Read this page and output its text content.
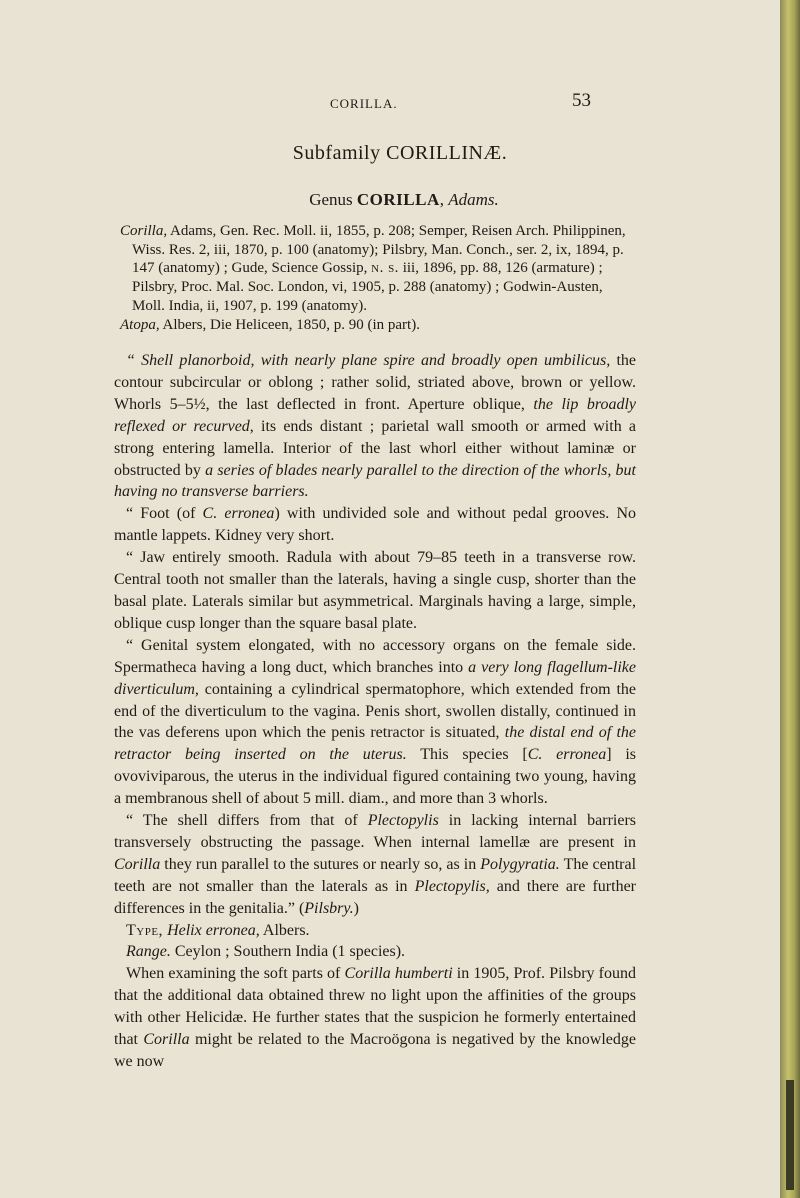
CORILLA.	53
Subfamily CORILLINÆ.
Genus CORILLA, Adams.

Corilla, Adams, Gen. Rec. Moll. ii, 1855, p. 208; Semper, Reisen Arch. Philippinen, Wiss. Res. 2, iii, 1870, p. 100 (anatomy); Pilsbry, Man. Conch., ser. 2, ix, 1894, p. 147 (anatomy) ; Gude, Science Gossip, n. s. iii, 1896, pp. 88, 126 (armature) ; Pilsbry, Proc. Mal. Soc. London, vi, 1905, p. 288 (anatomy) ; Godwin-Austen, Moll. India, ii, 1907, p. 199 (anatomy).

Atopa, Albers, Die Heliceen, 1850, p. 90 (in part).

“ Shell planorboid, with nearly plane spire and broadly open umbilicus, the contour subcircular or oblong ; rather solid, striated above, brown or yellow. Whorls 5–5½, the last deflected in front. Aperture oblique, the lip broadly reflexed or recurved, its ends distant ; parietal wall smooth or armed with a strong entering lamella. Interior of the last whorl either without laminæ or obstructed by a series of blades nearly parallel to the direction of the whorls, but having no transverse barriers.

“ Foot (of C. erronea) with undivided sole and without pedal grooves. No mantle lappets. Kidney very short.

“ Jaw entirely smooth. Radula with about 79–85 teeth in a transverse row. Central tooth not smaller than the laterals, having a single cusp, shorter than the basal plate. Laterals similar but asymmetrical. Marginals having a large, simple, oblique cusp longer than the square basal plate.

“ Genital system elongated, with no accessory organs on the female side. Spermatheca having a long duct, which branches into a very long flagellum-like diverticulum, containing a cylindrical spermatophore, which extended from the end of the diverticulum to the vagina. Penis short, swollen distally, continued in the vas deferens upon which the penis retractor is situated, the distal end of the retractor being inserted on the uterus. This species [C. erronea] is ovoviviparous, the uterus in the individual figured containing two young, having a membranous shell of about 5 mill. diam., and more than 3 whorls.

“ The shell differs from that of Plectopylis in lacking internal barriers transversely obstructing the passage. When internal lamellæ are present in Corilla they run parallel to the sutures or nearly so, as in Polygyratia. The central teeth are not smaller than the laterals as in Plectopylis, and there are further differences in the genitalia.” (Pilsbry.)

Type, Helix erronea, Albers.

Range. Ceylon ; Southern India (1 species).

When examining the soft parts of Corilla humberti in 1905, Prof. Pilsbry found that the additional data obtained threw no light upon the affinities of the groups with other Helicidæ. He further states that the suspicion he formerly entertained that Corilla might be related to the Macroögona is negatived by the knowledge we now
